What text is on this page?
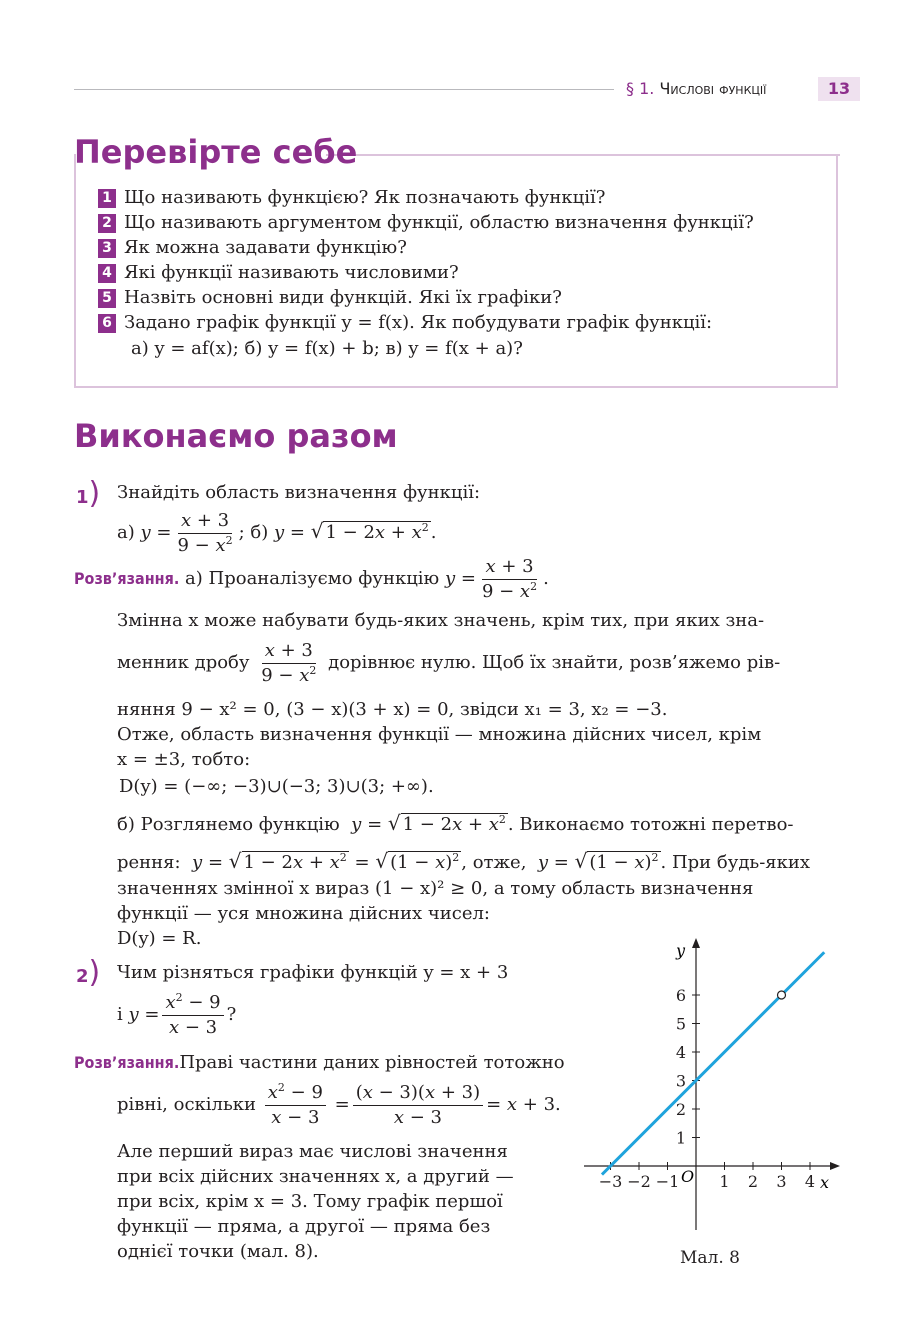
§ 1. Числові функції	13
Перевірте себе
1 Що називають функцією? Як позначають функції?
2 Що називають аргументом функції, областю визначення функції?
3 Як можна задавати функцію?
4 Які функції називають числовими?
5 Назвіть основні види функцій. Які їх графіки?
6 Задано графік функції y = f(x). Як побудувати графік функції:
а) y = af(x); б) y = f(x) + b; в) y = f(x + a)?
Виконаємо разом
1) Знайдіть область визначення функції:
а) $y = \frac{x + 3}{9 - x^2}$ ; б) y = √ $1 - 2x + x^2$ .
Розв’язання. а) Проаналізуємо функцію $y = \frac{x + 3}{9 - x^2}$ .
Змінна x може набувати будь-яких значень, крім тих, при яких зна-
менник дробу $\frac{x + 3}{9 - x^2}$ дорівнює нулю. Щоб їх знайти, розв’яжемо рів-
няння 9 − x² = 0, (3 − x)(3 + x) = 0, звідси x₁ = 3, x₂ = −3.
Отже, область визначення функції — множина дійсних чисел, крім
x = ±3, тобто:
D(y) = (−∞; −3)∪(−3; 3)∪(3; +∞).
б) Розглянемо функцію y = √ $1 - 2x + x^2$ . Виконаємо тотожні перетво-
рення: y = √ $1 - 2x + x^2$ = √ $(1 - x)^2$ , отже, y = √ $(1 - x)^2$ . При будь-яких
значеннях змінної x вираз (1 − x)² ≥ 0, а тому область визначення
функції — уся множина дійсних чисел:
D(y) = R.
2) Чим різняться графіки функцій y = x + 3
і $y = \frac{x^2 - 9}{x - 3}$ ?
Розв’язання.Праві частини даних рівностей тотожно
рівні, оскільки $\frac{x^2 - 9}{x - 3} = \frac{(x - 3)(x + 3)}{x - 3} = x + 3$.
Але перший вираз має числові значення
при всіх дійсних значеннях x, а другий —
при всіх, крім x = 3. Тому графік першої
функції — пряма, а другої — пряма без
однієї точки (мал. 8).
−3 −2 −1	1 2 3 4
1
2
3
4
5
6
x
y
O
Мал. 8
